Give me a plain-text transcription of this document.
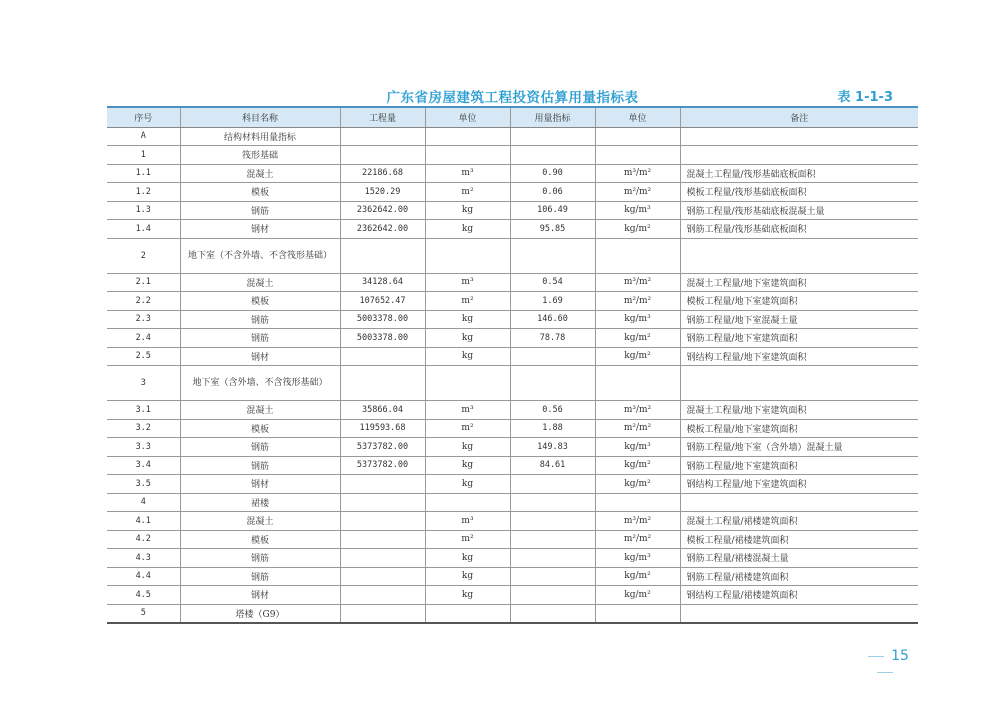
广东省房屋建筑工程投资估算用量指标表	表 1-1-3
序号	科目名称	工程量	单位	用量指标	单位	备注
A	结构材料用量指标					
1	筏形基础					
1.1	混凝土	22186.68	m³	0.90	m³/m²	混凝土工程量/筏形基础底板面积
1.2	模板	1520.29	m²	0.06	m²/m²	模板工程量/筏形基础底板面积
1.3	钢筋	2362642.00	kg	106.49	kg/m³	钢筋工程量/筏形基础底板混凝土量
1.4	钢材	2362642.00	kg	95.85	kg/m²	钢筋工程量/筏形基础底板面积
2	地下室（不含外墙、不含筏形基础）					
2.1	混凝土	34128.64	m³	0.54	m³/m²	混凝土工程量/地下室建筑面积
2.2	模板	107652.47	m²	1.69	m²/m²	模板工程量/地下室建筑面积
2.3	钢筋	5003378.00	kg	146.60	kg/m³	钢筋工程量/地下室混凝土量
2.4	钢筋	5003378.00	kg	78.78	kg/m²	钢筋工程量/地下室建筑面积
2.5	钢材		kg		kg/m²	钢结构工程量/地下室建筑面积
3	地下室（含外墙、不含筏形基础）					
3.1	混凝土	35866.04	m³	0.56	m³/m²	混凝土工程量/地下室建筑面积
3.2	模板	119593.68	m²	1.88	m²/m²	模板工程量/地下室建筑面积
3.3	钢筋	5373782.00	kg	149.83	kg/m³	钢筋工程量/地下室（含外墙）混凝土量
3.4	钢筋	5373782.00	kg	84.61	kg/m²	钢筋工程量/地下室建筑面积
3.5	钢材		kg		kg/m²	钢结构工程量/地下室建筑面积
4	裙楼					
4.1	混凝土		m³		m³/m²	混凝土工程量/裙楼建筑面积
4.2	模板		m²		m²/m²	模板工程量/裙楼建筑面积
4.3	钢筋		kg		kg/m³	钢筋工程量/裙楼混凝土量
4.4	钢筋		kg		kg/m²	钢筋工程量/裙楼建筑面积
4.5	钢材		kg		kg/m²	钢结构工程量/裙楼建筑面积
5	塔楼（G9）					
15
